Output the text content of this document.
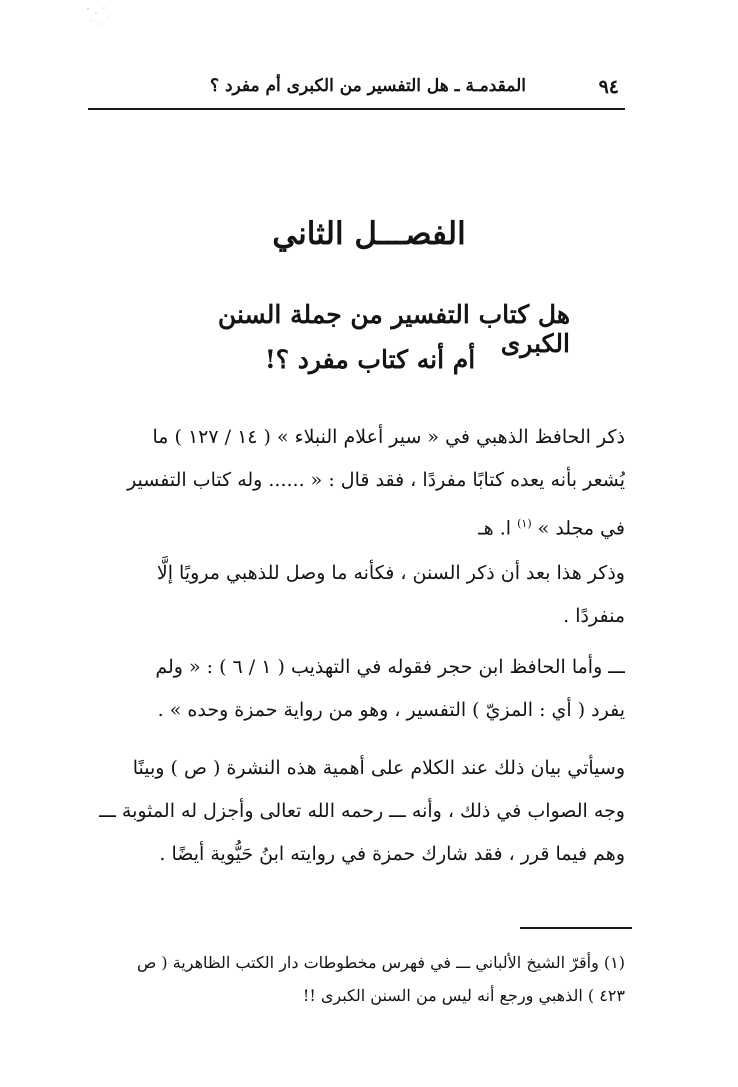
٩٤
المقدمـة ـ هل التفسير من الكبرى أم مفرد ؟
الفصـــل الثاني
هل كتاب التفسير من جملة السنن الكبرى
أم أنه كتاب مفرد ؟!
ذكر الحافظ الذهبي في « سير أعلام النبلاء » ( ١٤ / ١٢٧ ) ما
يُشعر بأنه يعده كتابًا مفردًا ، فقد قال : « ...... وله كتاب التفسير
في مجلد » $^{(١)}$ ا. هـ
وذكر هذا بعد أن ذكر السنن ، فكأنه ما وصل للذهبي مرويًا إلَّا
منفردًا .
ـــ وأما الحافظ ابن حجر فقوله في التهذيب ( ١ / ٦ ) : « ولم
يفرد ( أي : المزيّ ) التفسير ، وهو من رواية حمزة وحده » .
وسيأتي بيان ذلك عند الكلام على أهمية هذه النشرة ( ص ) وبينًا
وجه الصواب في ذلك ، وأنه ـــ رحمه الله تعالى وأجزل له المثوبة ـــ
وهم فيما قرر ، فقد شارك حمزة في روايته ابنُ حَيُّوية أيضًا .
(١) وأقرّ الشيخ الألباني ـــ في فهرس مخطوطات دار الكتب الظاهرية ( ص
٤٢٣ ) الذهبي ورجع أنه ليس من السنن الكبرى !!
